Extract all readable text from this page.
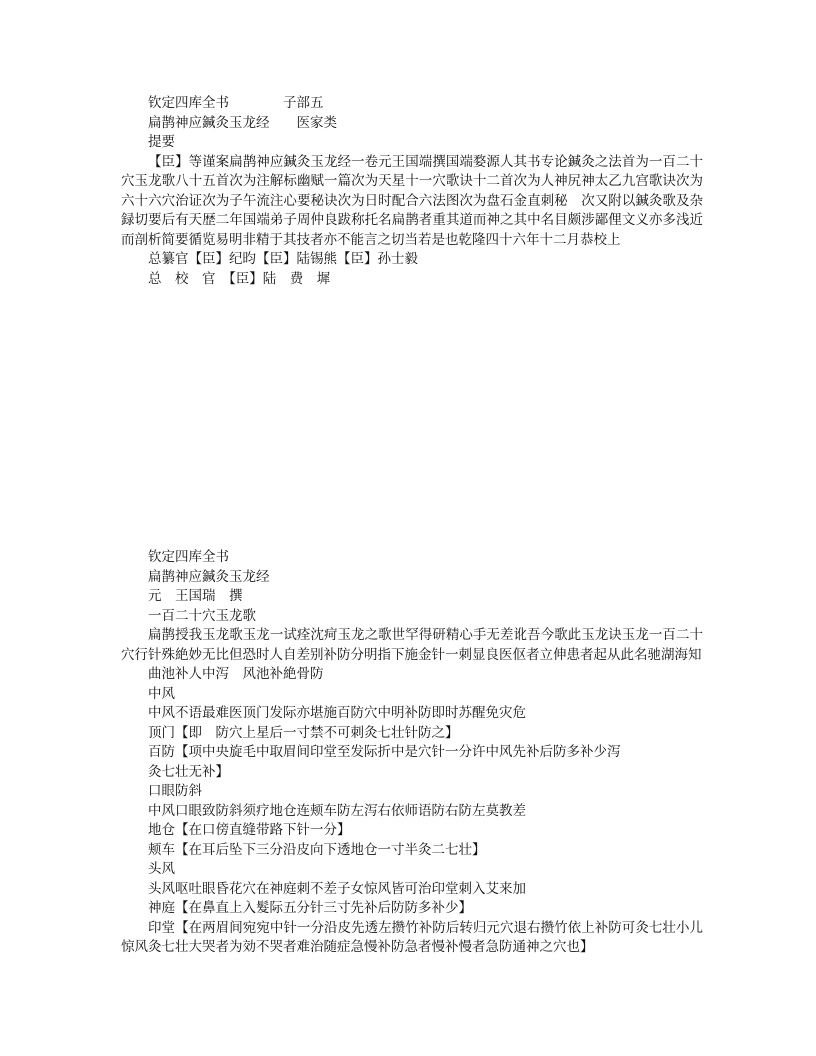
钦定四库全书	子部五
扁鹊神应鍼灸玉龙经 医家类
提要
【臣】等谨案扁鹊神应鍼灸玉龙经一卷元王国端撰国端婺源人其书专论鍼灸之法首为一百二十穴玉龙歌八十五首次为注解标幽赋一篇次为天星十一穴歌诀十二首次为人神尻神太乙九宫歌诀次为六十六穴治证次为子午流注心要秘诀次为日时配合六法图次为盘石金直刺秘　次又附以鍼灸歌及杂録切要后有天歴二年国端弟子周仲良跋称托名扁鹊者重其道而神之其中名目颇涉鄙俚文义亦多浅近而剖析简要循览易明非精于其技者亦不能言之切当若是也乾隆四十六年十二月恭校上
总纂官【臣】纪昀【臣】陆锡熊【臣】孙士毅
总　校　官　【臣】陆　费　墀
钦定四库全书
扁鹊神应鍼灸玉龙经
元　王国瑞　撰
一百二十穴玉龙歌
扁鹊授我玉龙歌玉龙一试痊沈疴玉龙之歌世罕得研精心手无差讹吾今歌此玉龙诀玉龙一百二十穴行针殊絶妙无比但恐时人自差别补防分明指下施金针一刺显良医伛者立伸患者起从此名驰湖海知
曲池补人中泻　风池补絶骨防
中风
中风不语最难医顶门发际亦堪施百防穴中明补防即时苏醒免灾危
顶门【即　防穴上星后一寸禁不可刺灸七壮针防之】
百防【项中央旋毛中取眉间印堂至发际折中是穴针一分许中风先补后防多补少泻
灸七壮无补】
口眼防斜
中风口眼致防斜须疗地仓连颊车防左泻右依师语防右防左莫教差
地仓【在口傍直缝带路下针一分】
颊车【在耳后坠下三分沿皮向下透地仓一寸半灸二七壮】
头风
头风呕吐眼昏花穴在神庭刺不差子女惊风皆可治印堂刺入艾来加
神庭【在鼻直上入髮际五分针三寸先补后防防多补少】
印堂【在两眉间宛宛中针一分沿皮先透左攒竹补防后转归元穴退右攒竹依上补防可灸七壮小儿惊风灸七壮大哭者为効不哭者难治随症急慢补防急者慢补慢者急防通神之穴也】
